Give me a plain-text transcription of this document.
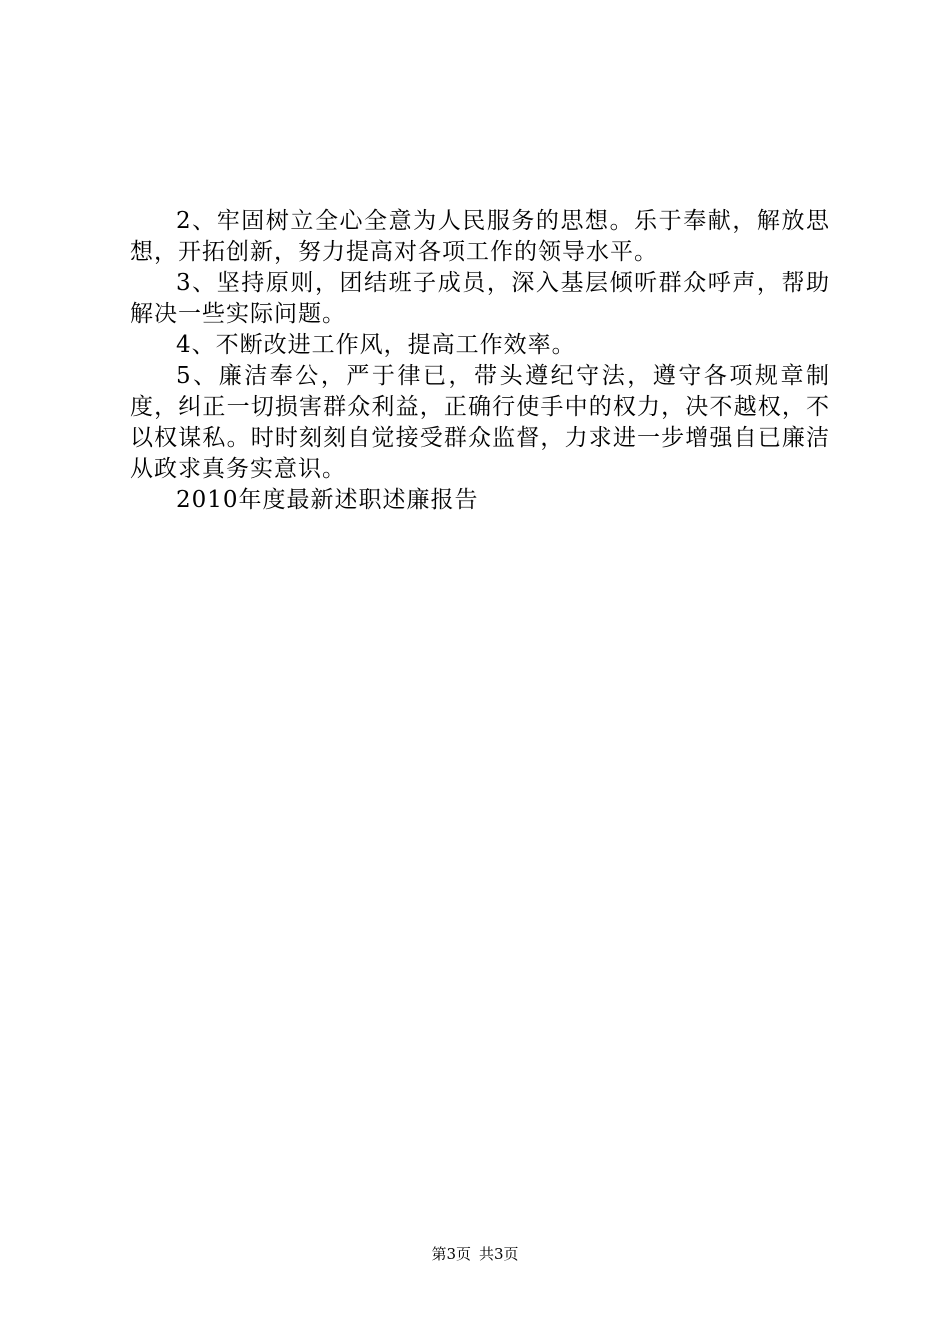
2、牢固树立全心全意为人民服务的思想。乐于奉献，解放思想，开拓创新，努力提高对各项工作的领导水平。

3、坚持原则，团结班子成员，深入基层倾听群众呼声，帮助解决一些实际问题。

4、不断改进工作风，提高工作效率。

5、廉洁奉公，严于律已，带头遵纪守法，遵守各项规章制度，纠正一切损害群众利益，正确行使手中的权力，决不越权，不以权谋私。时时刻刻自觉接受群众监督，力求进一步增强自已廉洁从政求真务实意识。

2010年度最新述职述廉报告

第3页 共3页
